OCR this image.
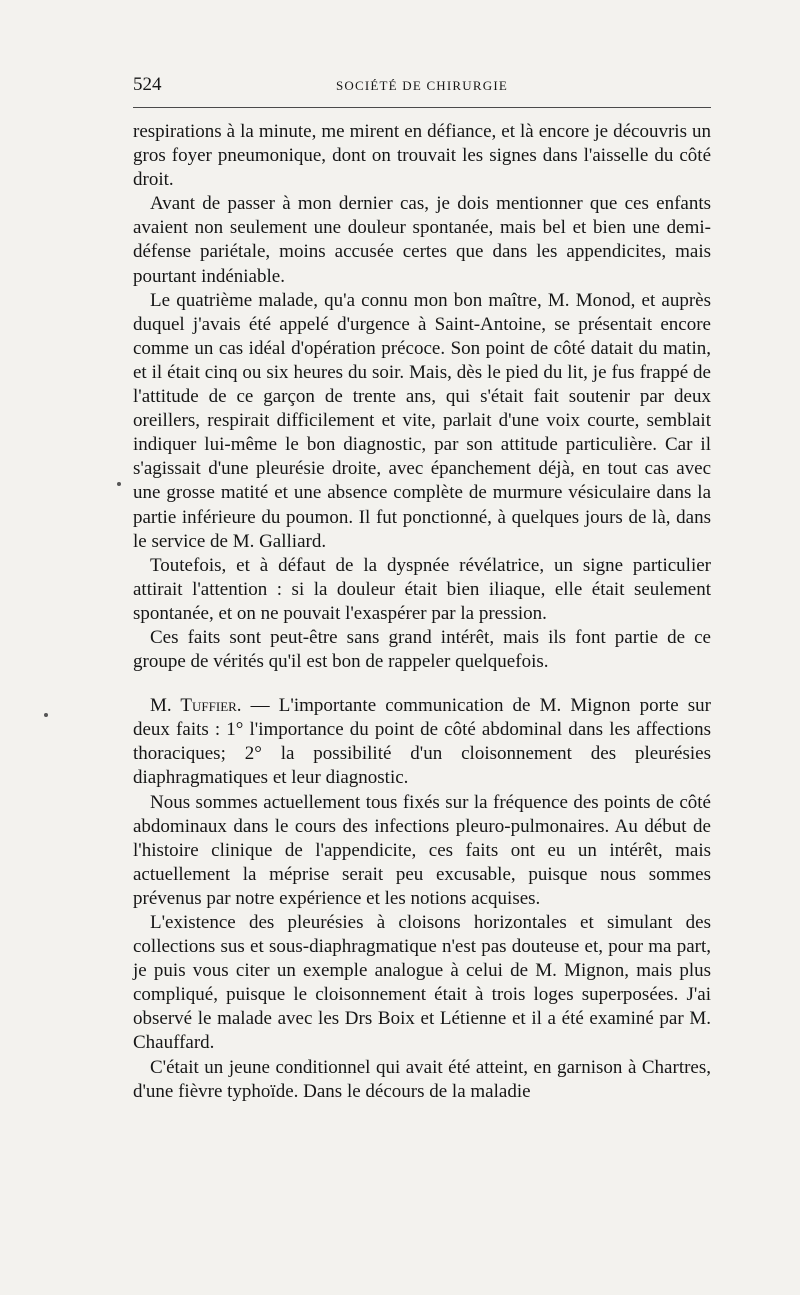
524	SOCIÉTÉ DE CHIRURGIE

respirations à la minute, me mirent en défiance, et là encore je découvris un gros foyer pneumonique, dont on trouvait les signes dans l'aisselle du côté droit.

Avant de passer à mon dernier cas, je dois mentionner que ces enfants avaient non seulement une douleur spontanée, mais bel et bien une demi-défense pariétale, moins accusée certes que dans les appendicites, mais pourtant indéniable.

Le quatrième malade, qu'a connu mon bon maître, M. Monod, et auprès duquel j'avais été appelé d'urgence à Saint-Antoine, se présentait encore comme un cas idéal d'opération précoce. Son point de côté datait du matin, et il était cinq ou six heures du soir. Mais, dès le pied du lit, je fus frappé de l'attitude de ce garçon de trente ans, qui s'était fait soutenir par deux oreillers, respirait difficilement et vite, parlait d'une voix courte, semblait indiquer lui-même le bon diagnostic, par son attitude particulière. Car il s'agissait d'une pleurésie droite, avec épanchement déjà, en tout cas avec une grosse matité et une absence complète de murmure vésiculaire dans la partie inférieure du poumon. Il fut ponctionné, à quelques jours de là, dans le service de M. Galliard.

Toutefois, et à défaut de la dyspnée révélatrice, un signe particulier attirait l'attention : si la douleur était bien iliaque, elle était seulement spontanée, et on ne pouvait l'exaspérer par la pression.

Ces faits sont peut-être sans grand intérêt, mais ils font partie de ce groupe de vérités qu'il est bon de rappeler quelquefois.

M. Tuffier. — L'importante communication de M. Mignon porte sur deux faits : 1° l'importance du point de côté abdominal dans les affections thoraciques; 2° la possibilité d'un cloisonnement des pleurésies diaphragmatiques et leur diagnostic.

Nous sommes actuellement tous fixés sur la fréquence des points de côté abdominaux dans le cours des infections pleuro-pulmonaires. Au début de l'histoire clinique de l'appendicite, ces faits ont eu un intérêt, mais actuellement la méprise serait peu excusable, puisque nous sommes prévenus par notre expérience et les notions acquises.

L'existence des pleurésies à cloisons horizontales et simulant des collections sus et sous-diaphragmatique n'est pas douteuse et, pour ma part, je puis vous citer un exemple analogue à celui de M. Mignon, mais plus compliqué, puisque le cloisonnement était à trois loges superposées. J'ai observé le malade avec les Drs Boix et Létienne et il a été examiné par M. Chauffard.

C'était un jeune conditionnel qui avait été atteint, en garnison à Chartres, d'une fièvre typhoïde. Dans le décours de la maladie
